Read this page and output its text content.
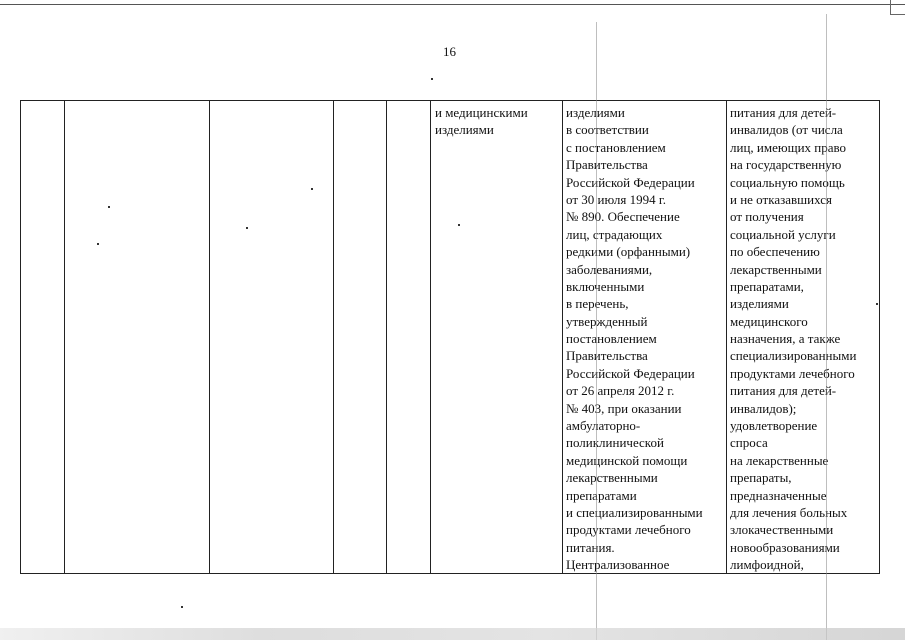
16
и медицинскими
изделиями
изделиями
в соответствии
с постановлением
Правительства
Российской Федерации
от 30 июля 1994 г.
№ 890. Обеспечение
лиц, страдающих
редкими (орфанными)
заболеваниями,
включенными
в перечень,
утвержденный
постановлением
Правительства
Российской Федерации
от 26 апреля 2012 г.
№ 403, при оказании
амбулаторно-
поликлинической
медицинской помощи
лекарственными
препаратами
и специализированными
продуктами лечебного
питания.
Централизованное
питания для детей-
инвалидов (от числа
лиц, имеющих право
на государственную
социальную помощь
и не отказавшихся
от получения
социальной услуги
по обеспечению
лекарственными
препаратами,
изделиями
медицинского
назначения, а также
специализированными
продуктами лечебного
питания для детей-
инвалидов);
удовлетворение
спроса
на лекарственные
препараты,
предназначенные
для лечения больных
злокачественными
новообразованиями
лимфоидной,
